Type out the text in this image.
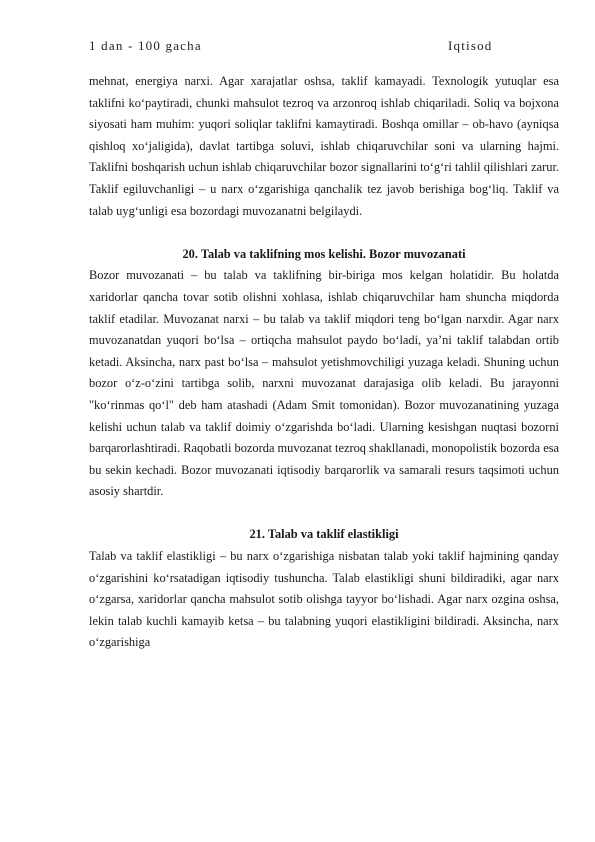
1 dan - 100 gacha	Iqtisod

mehnat, energiya narxi. Agar xarajatlar oshsa, taklif kamayadi. Texnologik yutuqlar esa taklifni ko‘paytiradi, chunki mahsulot tezroq va arzonroq ishlab chiqariladi. Soliq va bojxona siyosati ham muhim: yuqori soliqlar taklifni kamaytiradi. Boshqa omillar – ob-havo (ayniqsa qishloq xo‘jaligida), davlat tartibga soluvi, ishlab chiqaruvchilar soni va ularning hajmi. Taklifni boshqarish uchun ishlab chiqaruvchilar bozor signallarini to‘g‘ri tahlil qilishlari zarur. Taklif egiluvchanligi – u narx o‘zgarishiga qanchalik tez javob berishiga bog‘liq. Taklif va talab uyg‘unligi esa bozordagi muvozanatni belgilaydi.

20. Talab va taklifning mos kelishi. Bozor muvozanati

Bozor muvozanati – bu talab va taklifning bir-biriga mos kelgan holatidir. Bu holatda xaridorlar qancha tovar sotib olishni xohlasa, ishlab chiqaruvchilar ham shuncha miqdorda taklif etadilar. Muvozanat narxi – bu talab va taklif miqdori teng bo‘lgan narxdir. Agar narx muvozanatdan yuqori bo‘lsa – ortiqcha mahsulot paydo bo‘ladi, ya’ni taklif talabdan ortib ketadi. Aksincha, narx past bo‘lsa – mahsulot yetishmovchiligi yuzaga keladi. Shuning uchun bozor o‘z-o‘zini tartibga solib, narxni muvozanat darajasiga olib keladi. Bu jarayonni "ko‘rinmas qo‘l" deb ham atashadi (Adam Smit tomonidan). Bozor muvozanatining yuzaga kelishi uchun talab va taklif doimiy o‘zgarishda bo‘ladi. Ularning kesishgan nuqtasi bozorni barqarorlashtiradi. Raqobatli bozorda muvozanat tezroq shakllanadi, monopolistik bozorda esa bu sekin kechadi. Bozor muvozanati iqtisodiy barqarorlik va samarali resurs taqsimoti uchun asosiy shartdir.

21. Talab va taklif elastikligi

Talab va taklif elastikligi – bu narx o‘zgarishiga nisbatan talab yoki taklif hajmining qanday o‘zgarishini ko‘rsatadigan iqtisodiy tushuncha. Talab elastikligi shuni bildiradiki, agar narx o‘zgarsa, xaridorlar qancha mahsulot sotib olishga tayyor bo‘lishadi. Agar narx ozgina oshsa, lekin talab kuchli kamayib ketsa – bu talabning yuqori elastikligini bildiradi. Aksincha, narx o‘zgarishiga
